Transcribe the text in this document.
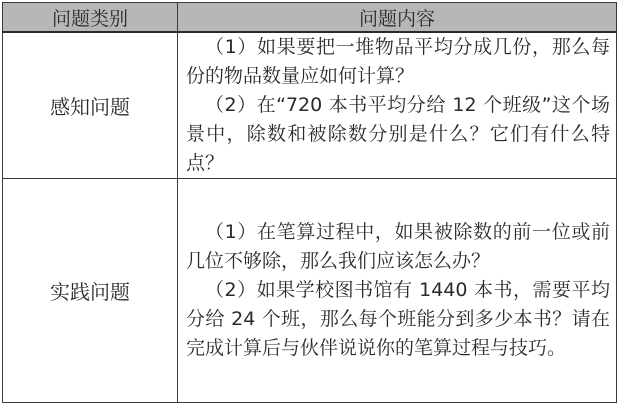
问题类别	问题内容
感知问题	（1）如果要把一堆物品平均分成几份，那么每份的物品数量应如何计算？

（2）在“720 本书平均分给 12 个班级”这个场景中，除数和被除数分别是什么？它们有什么特点？

实践问题	（1）在笔算过程中，如果被除数的前一位或前几位不够除，那么我们应该怎么办？

（2）如果学校图书馆有 1440 本书，需要平均分给 24 个班，那么每个班能分到多少本书？请在完成计算后与伙伴说说你的笔算过程与技巧。
